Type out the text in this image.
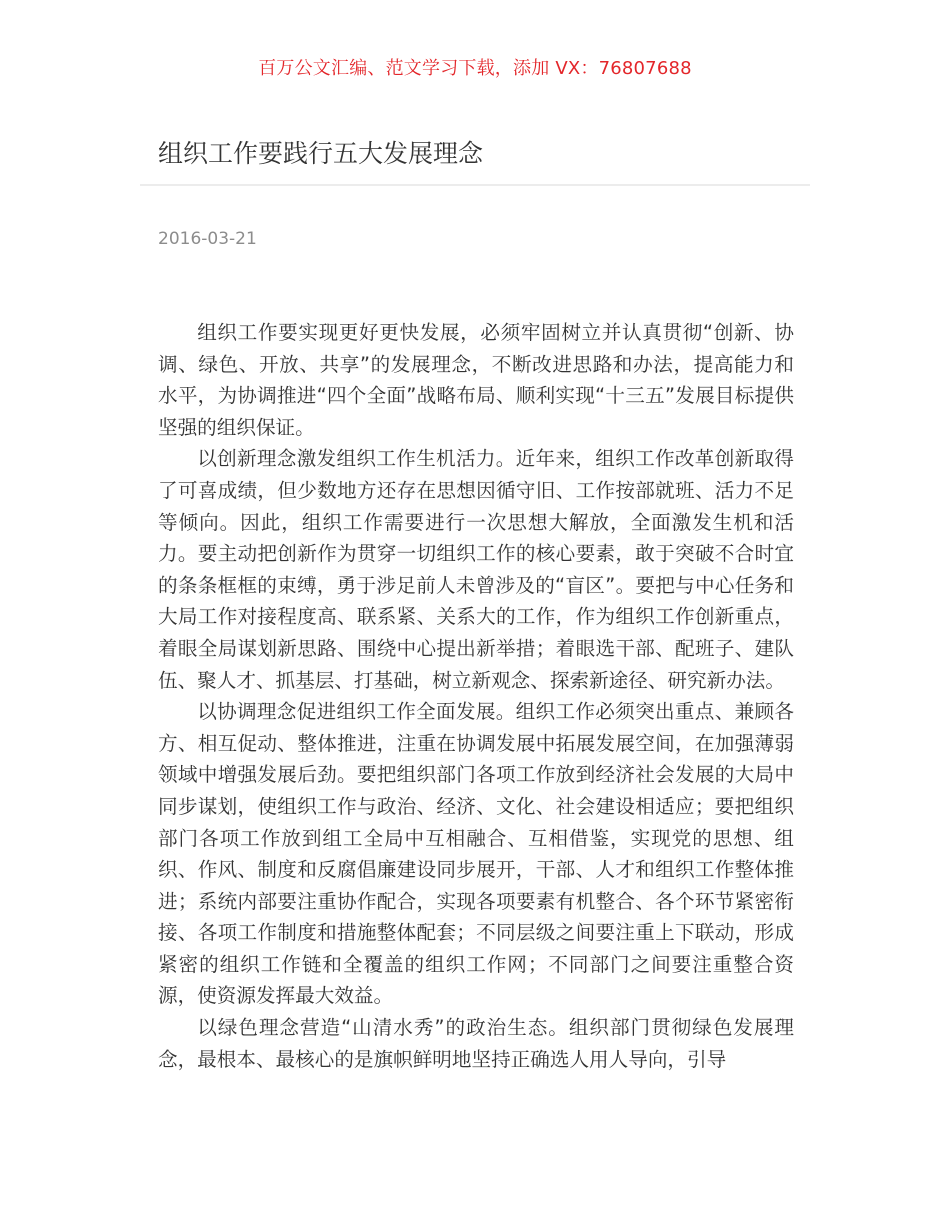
百万公文汇编、范文学习下载，添加 VX：76807688
组织工作要践行五大发展理念
2016-03-21

组织工作要实现更好更快发展，必须牢固树立并认真贯彻“创新、协调、绿色、开放、共享”的发展理念，不断改进思路和办法，提高能力和水平，为协调推进“四个全面”战略布局、顺利实现“十三五”发展目标提供坚强的组织保证。

以创新理念激发组织工作生机活力。近年来，组织工作改革创新取得了可喜成绩，但少数地方还存在思想因循守旧、工作按部就班、活力不足等倾向。因此，组织工作需要进行一次思想大解放，全面激发生机和活力。要主动把创新作为贯穿一切组织工作的核心要素，敢于突破不合时宜的条条框框的束缚，勇于涉足前人未曾涉及的“盲区”。要把与中心任务和大局工作对接程度高、联系紧、关系大的工作，作为组织工作创新重点，着眼全局谋划新思路、围绕中心提出新举措；着眼选干部、配班子、建队伍、聚人才、抓基层、打基础，树立新观念、探索新途径、研究新办法。

以协调理念促进组织工作全面发展。组织工作必须突出重点、兼顾各方、相互促动、整体推进，注重在协调发展中拓展发展空间，在加强薄弱领域中增强发展后劲。要把组织部门各项工作放到经济社会发展的大局中同步谋划，使组织工作与政治、经济、文化、社会建设相适应；要把组织部门各项工作放到组工全局中互相融合、互相借鉴，实现党的思想、组织、作风、制度和反腐倡廉建设同步展开，干部、人才和组织工作整体推进；系统内部要注重协作配合，实现各项要素有机整合、各个环节紧密衔接、各项工作制度和措施整体配套；不同层级之间要注重上下联动，形成紧密的组织工作链和全覆盖的组织工作网；不同部门之间要注重整合资源，使资源发挥最大效益。

以绿色理念营造“山清水秀”的政治生态。组织部门贯彻绿色发展理念，最根本、最核心的是旗帜鲜明地坚持正确选人用人导向，引导
